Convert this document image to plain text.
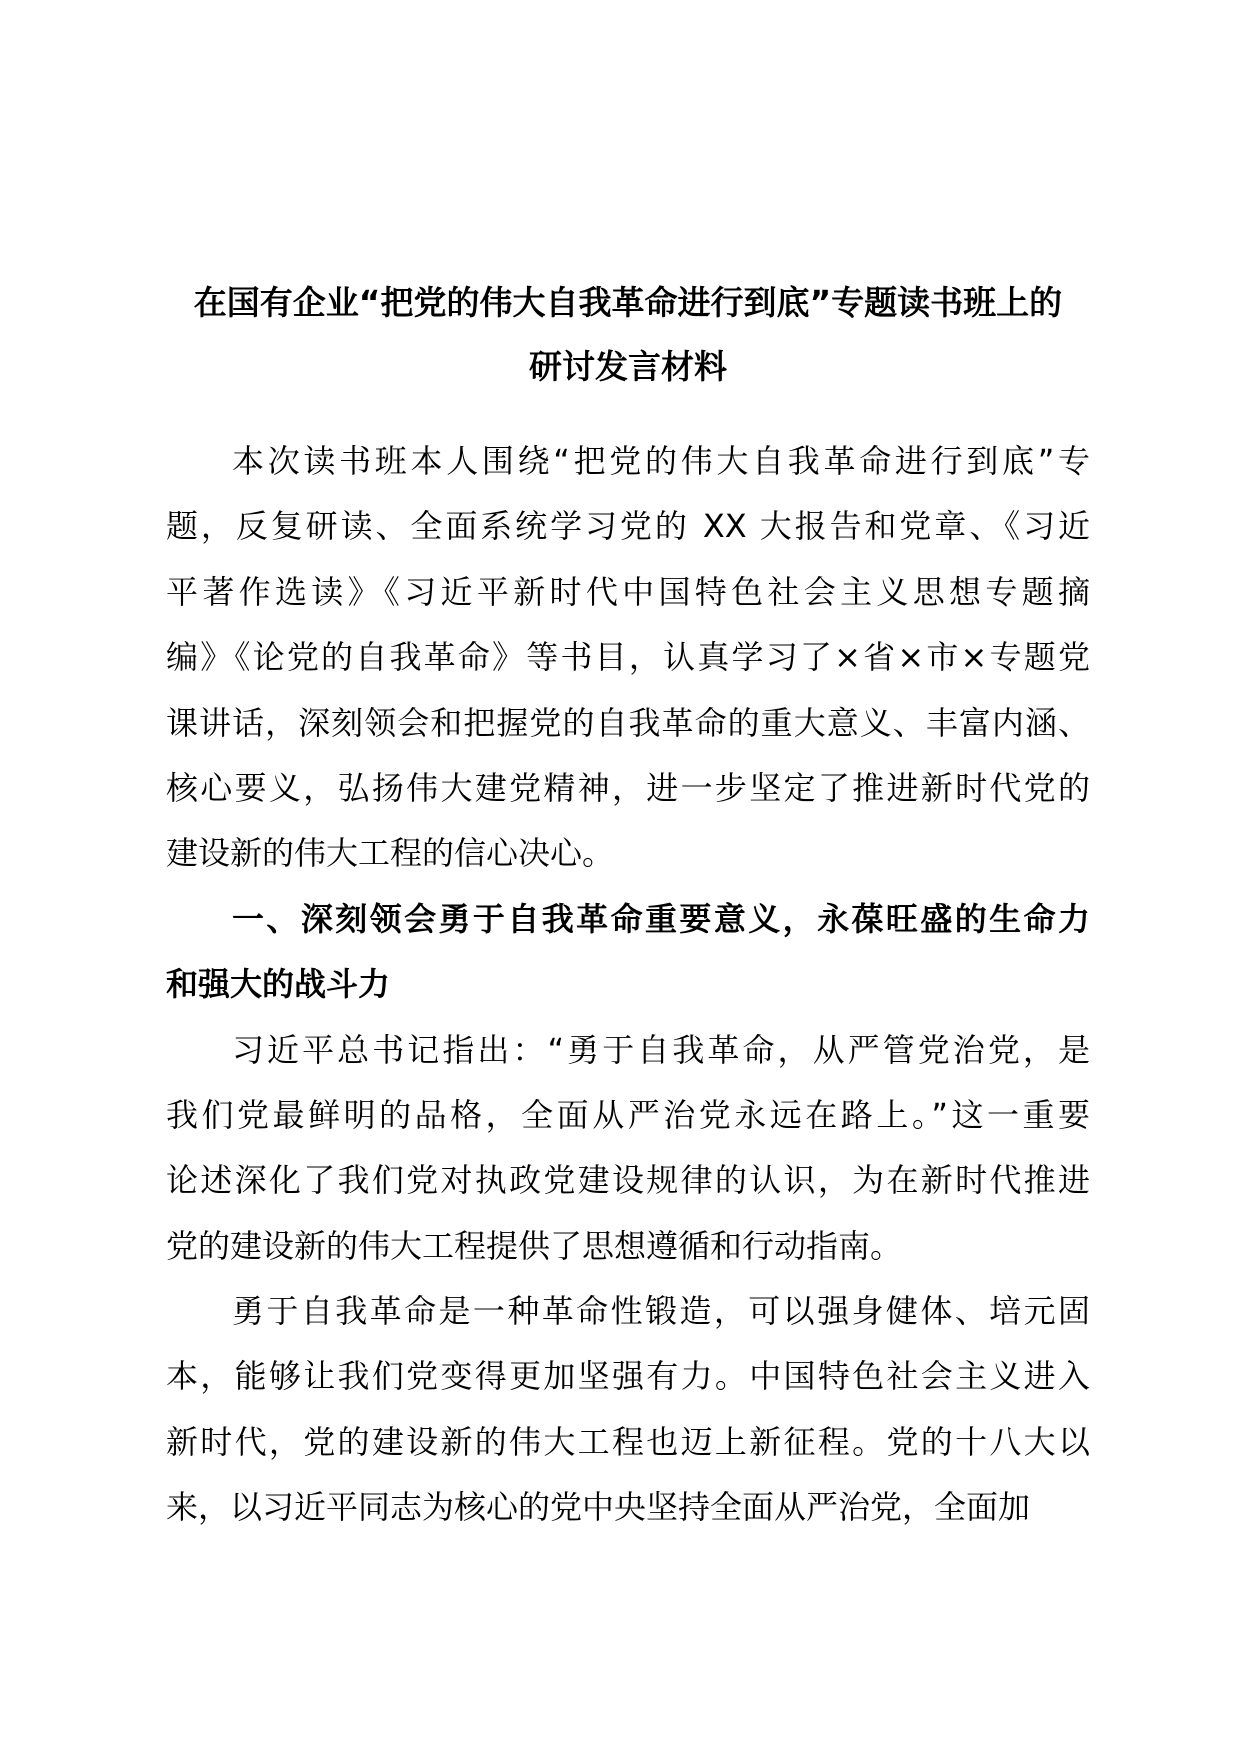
在国有企业“把党的伟大自我革命进行到底”专题读书班上的
研讨发言材料
本次读书班本人围绕“把党的伟大自我革命进行到底”专
题，反复研读、全面系统学习党的 XX 大报告和党章、《习近
平著作选读》《习近平新时代中国特色社会主义思想专题摘
编》《论党的自我革命》等书目，认真学习了×省×市×专题党
课讲话，深刻领会和把握党的自我革命的重大意义、丰富内涵、
核心要义，弘扬伟大建党精神，进一步坚定了推进新时代党的
建设新的伟大工程的信心决心。
一、深刻领会勇于自我革命重要意义，永葆旺盛的生命力
和强大的战斗力
习近平总书记指出：“勇于自我革命，从严管党治党，是
我们党最鲜明的品格，全面从严治党永远在路上。”这一重要
论述深化了我们党对执政党建设规律的认识，为在新时代推进
党的建设新的伟大工程提供了思想遵循和行动指南。
勇于自我革命是一种革命性锻造，可以强身健体、培元固
本，能够让我们党变得更加坚强有力。中国特色社会主义进入
新时代，党的建设新的伟大工程也迈上新征程。党的十八大以
来，以习近平同志为核心的党中央坚持全面从严治党，全面加
